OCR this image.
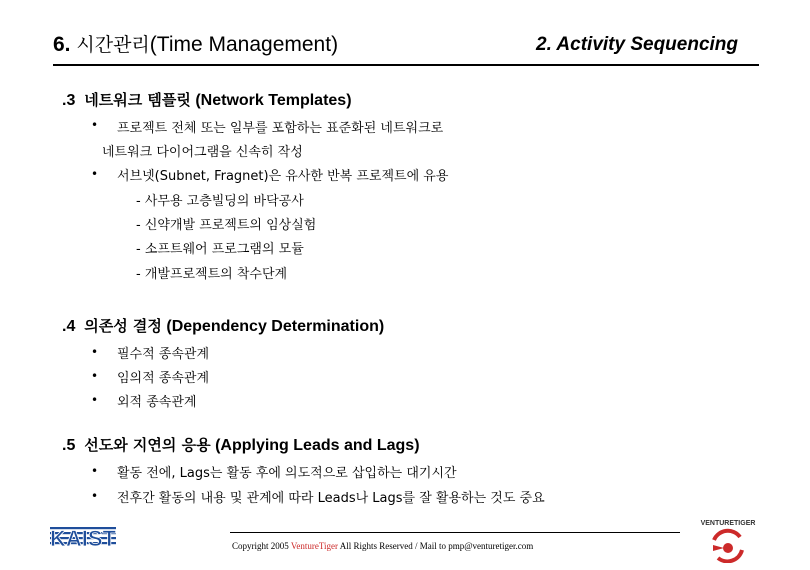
6. 시간관리(Time Management)	2. Activity Sequencing
.3 네트워크 템플릿 (Network Templates)
• 프로젝트 전체 또는 일부를 포함하는 표준화된 네트워크로
네트워크 다이어그램을 신속히 작성
• 서브넷(Subnet, Fragnet)은 유사한 반복 프로젝트에 유용
- 사무용 고층빌딩의 바닥공사
- 신약개발 프로젝트의 임상실험
- 소프트웨어 프로그램의 모듈
- 개발프로젝트의 착수단계
.4 의존성 결정 (Dependency Determination)
• 필수적 종속관계
• 임의적 종속관계
• 외적 종속관계
.5 선도와 지연의 응용 (Applying Leads and Lags)
• 활동 전에, Lags는 활동 후에 의도적으로 삽입하는 대기시간
• 전후간 활동의 내용 및 관계에 따라 Leads나 Lags를 잘 활용하는 것도 중요
Copyright 2005 VentureTiger All Rights Reserved / Mail to pmp@venturetiger.com
KAIST
VENTURETIGER
